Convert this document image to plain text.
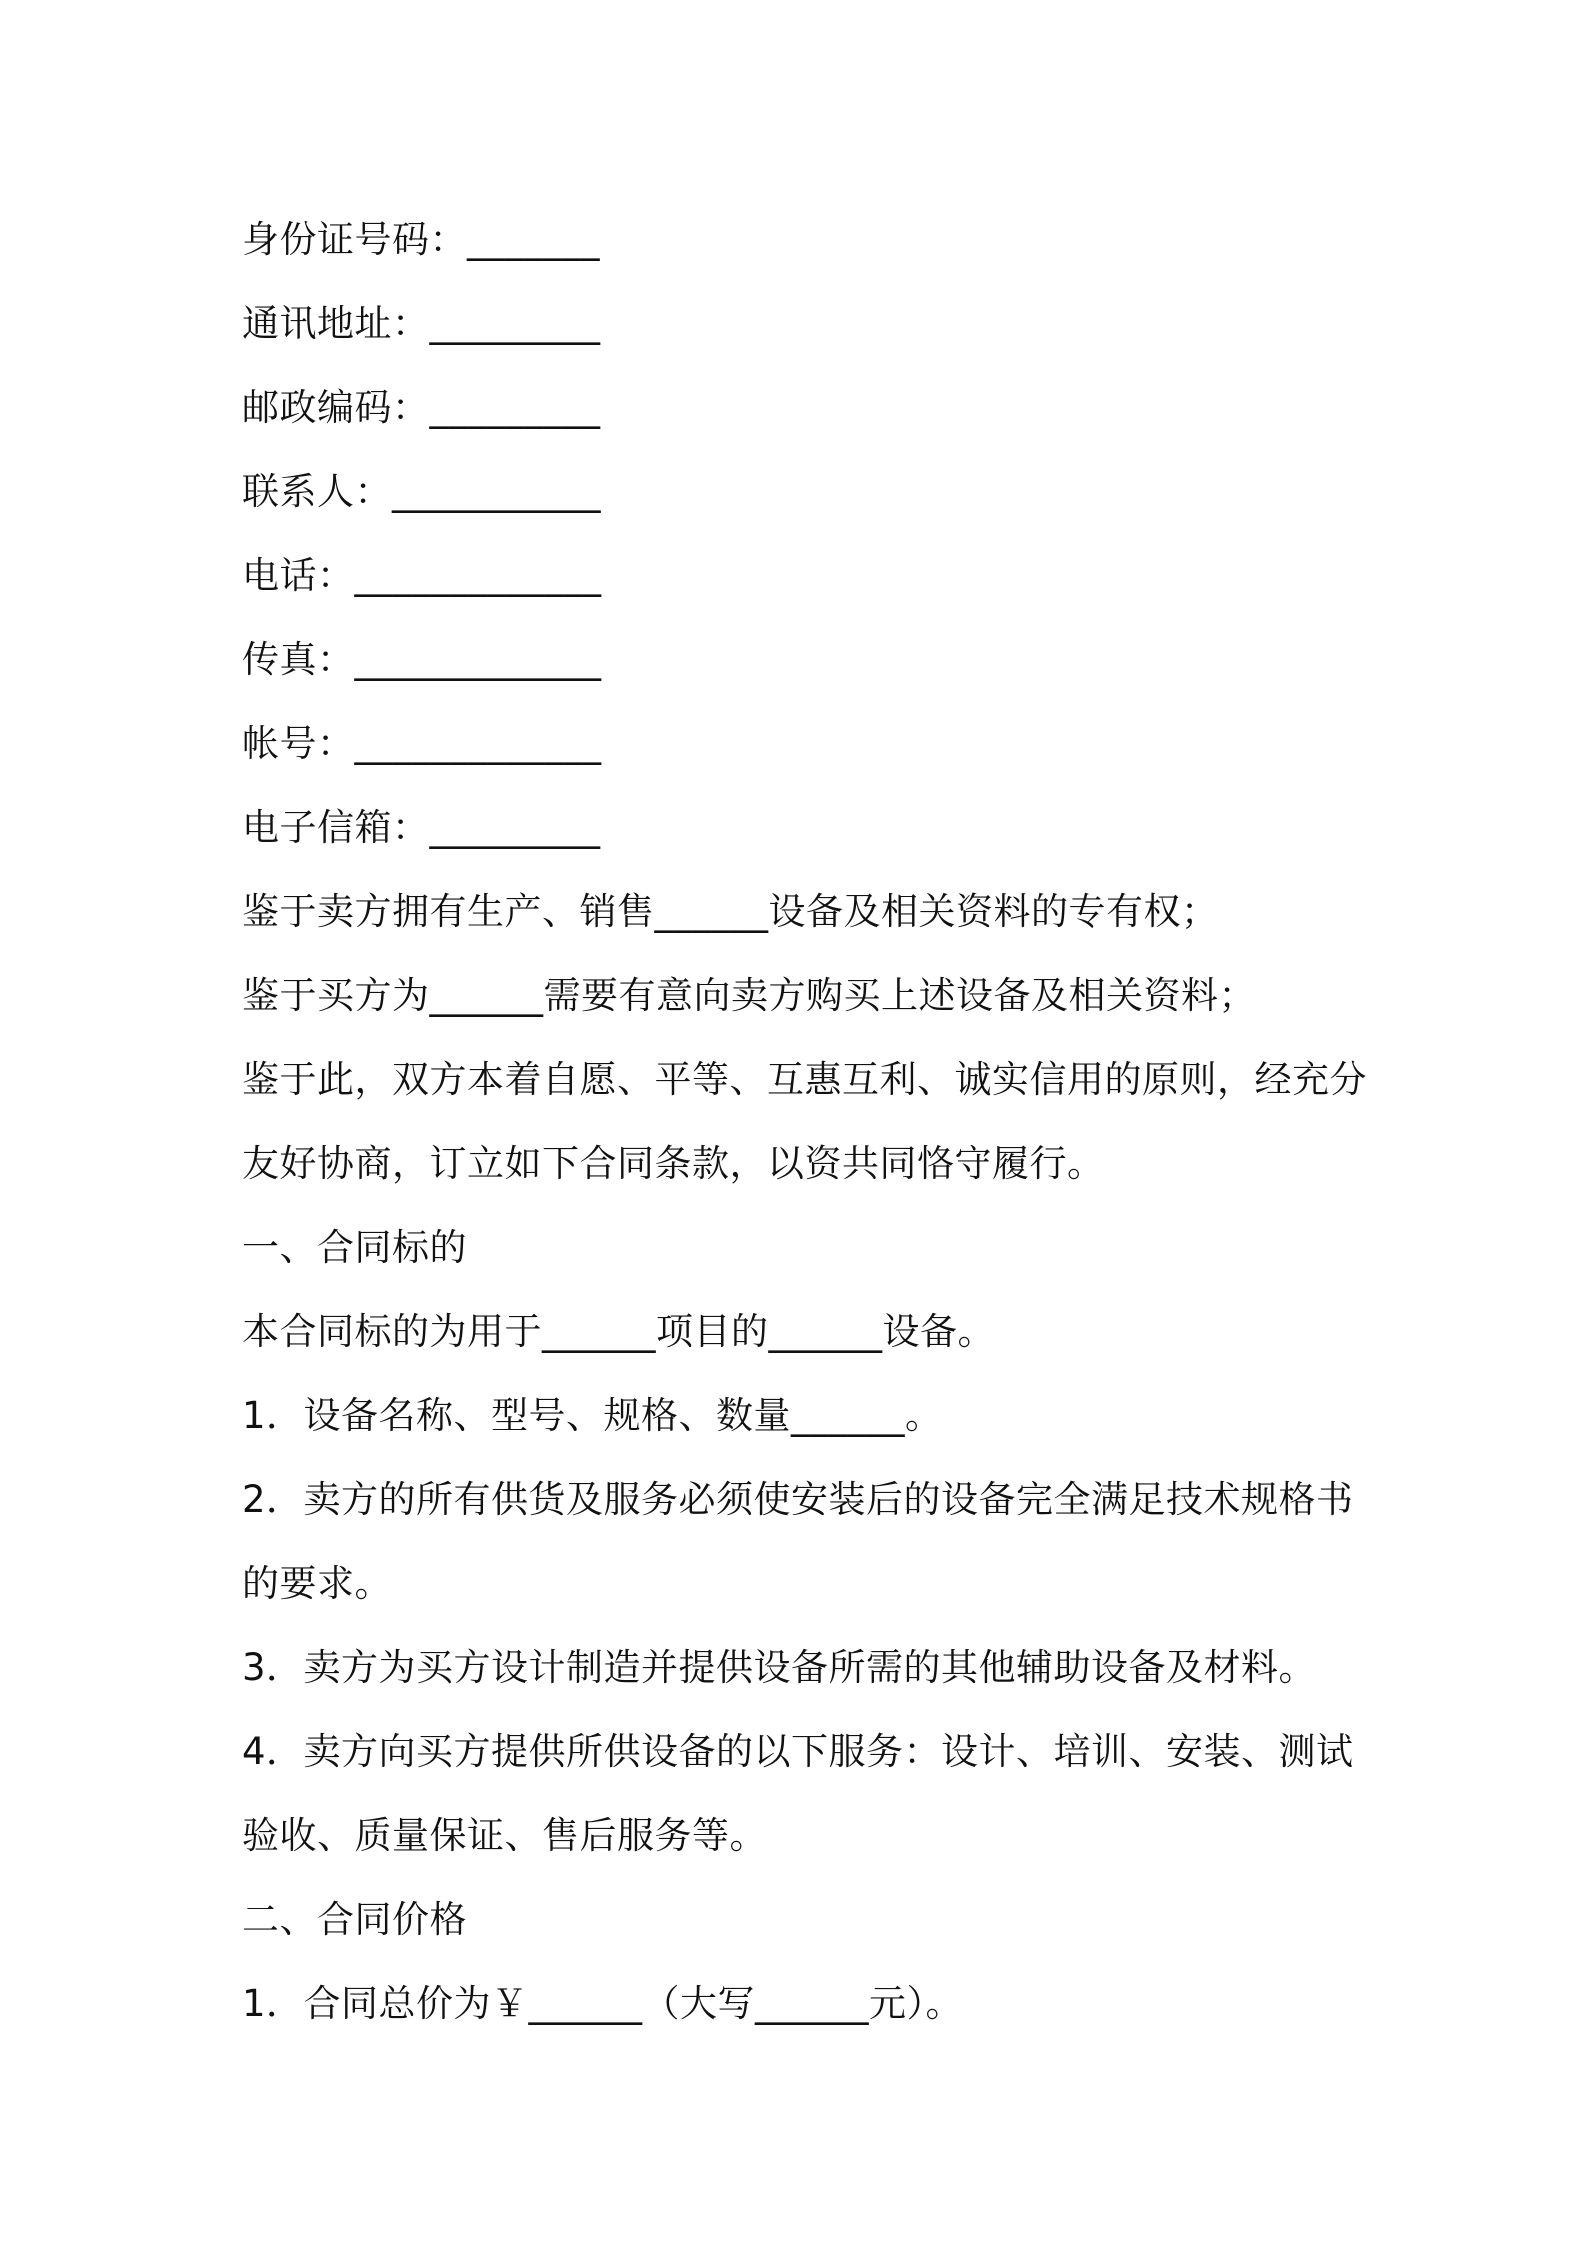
身份证号码：_______

通讯地址：_________

邮政编码：_________

联系人：___________

电话：_____________

传真：_____________

帐号：_____________

电子信箱：_________

鉴于卖方拥有生产、销售______设备及相关资料的专有权；

鉴于买方为______需要有意向卖方购买上述设备及相关资料；

鉴于此，双方本着自愿、平等、互惠互利、诚实信用的原则，经充分

友好协商，订立如下合同条款，以资共同恪守履行。

一、合同标的

本合同标的为用于______项目的______设备。

1．设备名称、型号、规格、数量______。

2．卖方的所有供货及服务必须使安装后的设备完全满足技术规格书

的要求。

3．卖方为买方设计制造并提供设备所需的其他辅助设备及材料。

4．卖方向买方提供所供设备的以下服务：设计、培训、安装、测试

验收、质量保证、售后服务等。

二、合同价格

1．合同总价为￥______（大写______元）。
